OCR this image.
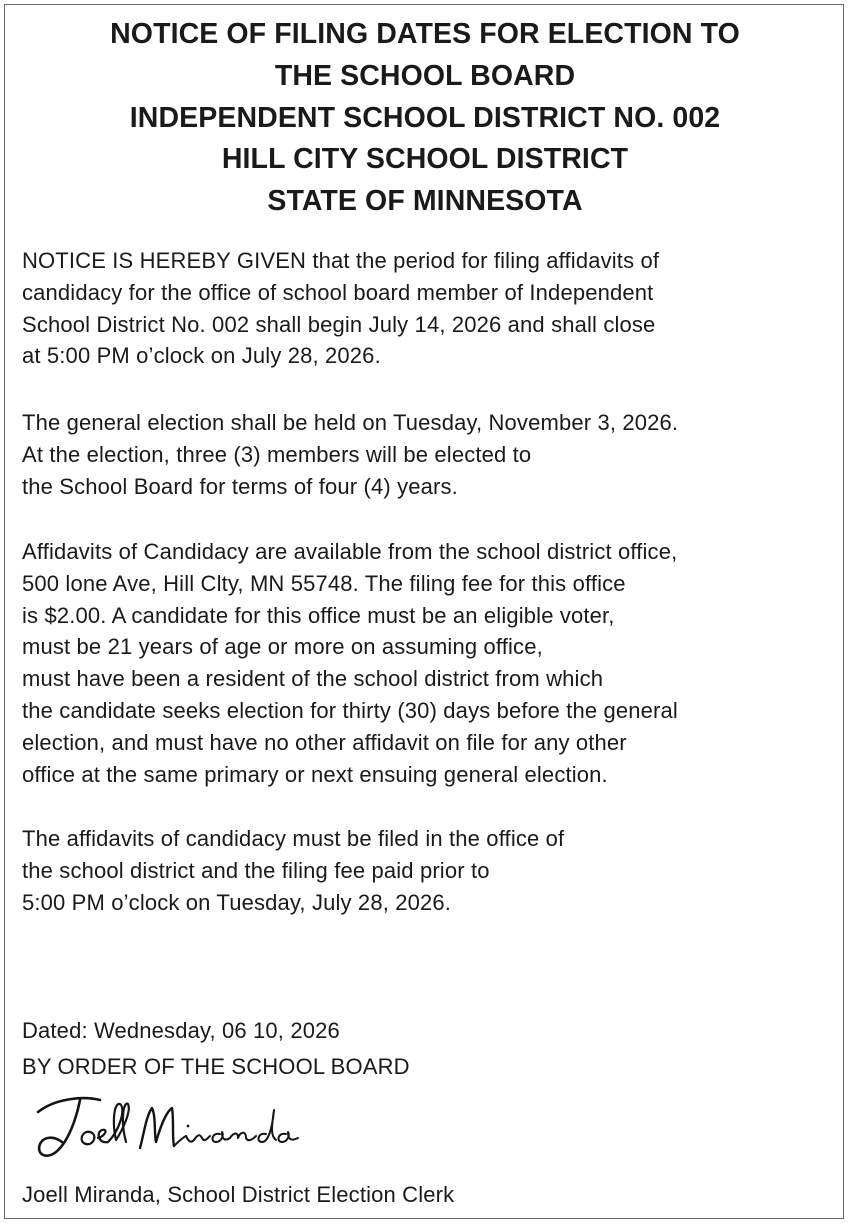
NOTICE OF FILING DATES FOR ELECTION TO
THE SCHOOL BOARD
INDEPENDENT SCHOOL DISTRICT NO. 002
HILL CITY SCHOOL DISTRICT
STATE OF MINNESOTA
NOTICE IS HEREBY GIVEN that the period for filing affidavits of
candidacy for the office of school board member of Independent
School District No. 002 shall begin July 14, 2026 and shall close
at 5:00 PM o’clock on July 28, 2026.
The general election shall be held on Tuesday, November 3, 2026.
At the election, three (3) members will be elected to
the School Board for terms of four (4) years.
Affidavits of Candidacy are available from the school district office,
500 lone Ave, Hill Clty, MN 55748. The filing fee for this office
is $2.00. A candidate for this office must be an eligible voter,
must be 21 years of age or more on assuming office,
must have been a resident of the school district from which
the candidate seeks election for thirty (30) days before the general
election, and must have no other affidavit on file for any other
office at the same primary or next ensuing general election.
The affidavits of candidacy must be filed in the office of
the school district and the filing fee paid prior to
5:00 PM o’clock on Tuesday, July 28, 2026.
Dated: Wednesday, 06 10, 2026
BY ORDER OF THE SCHOOL BOARD
Joell Miranda, School District Election Clerk
